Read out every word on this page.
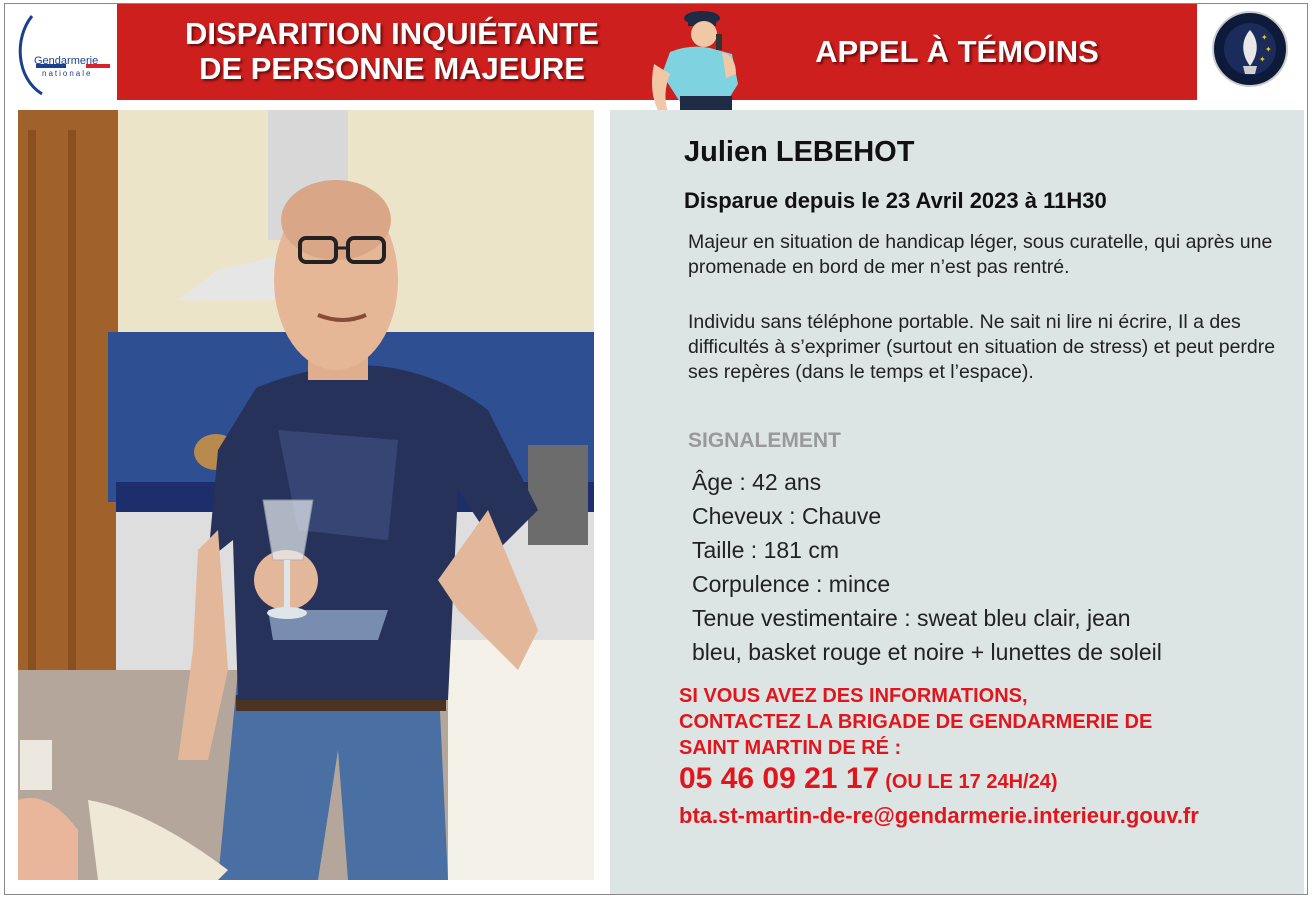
Gendarmerie
nationale
DISPARITION INQUIÉTANTE
DE PERSONNE MAJEURE	APPEL À TÉMOINS	✦
✦
✦
Julien LEBEHOT
Disparue depuis le 23 Avril 2023 à 11H30
Majeur en situation de handicap léger, sous curatelle, qui après une promenade en bord de mer n’est pas rentré.
Individu sans téléphone portable. Ne sait ni lire ni écrire, Il a des difficultés à s’exprimer (surtout en situation de stress) et peut perdre ses repères (dans le temps et l’espace).
SIGNALEMENT
Âge : 42 ans
Cheveux : Chauve
Taille : 181 cm
Corpulence : mince
Tenue vestimentaire : sweat bleu clair, jean
bleu, basket rouge et noire + lunettes de soleil
SI VOUS AVEZ DES INFORMATIONS,
CONTACTEZ LA BRIGADE DE GENDARMERIE DE
SAINT MARTIN DE RÉ :
05 46 09 21 17 (OU LE 17 24H/24)
bta.st-martin-de-re@gendarmerie.interieur.gouv.fr
